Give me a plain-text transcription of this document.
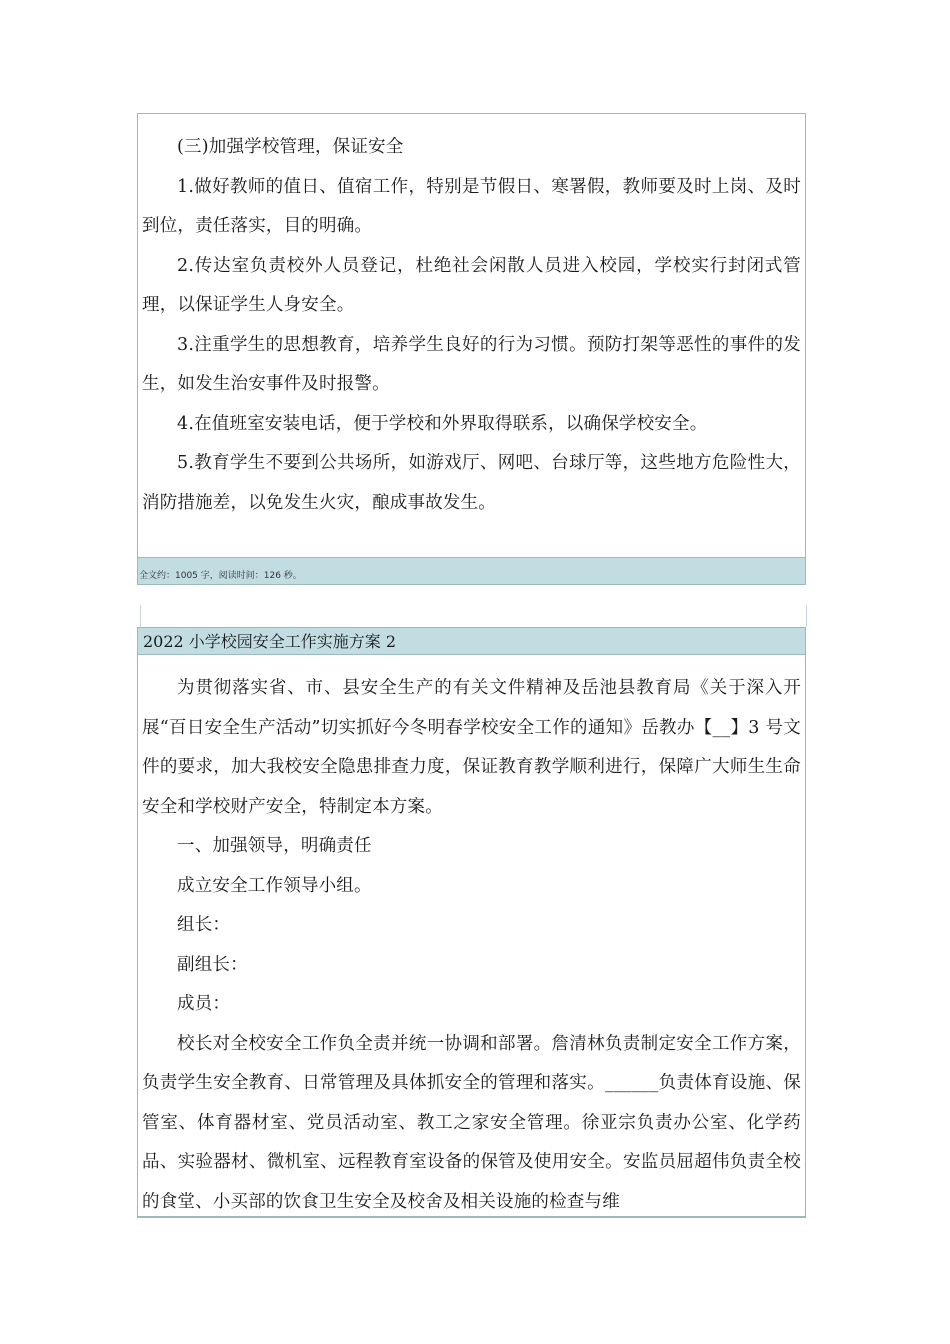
(三)加强学校管理，保证安全

1.做好教师的值日、值宿工作，特别是节假日、寒署假，教师要及时上岗、及时到位，责任落实，目的明确。

2.传达室负责校外人员登记，杜绝社会闲散人员进入校园，学校实行封闭式管理，以保证学生人身安全。

3.注重学生的思想教育，培养学生良好的行为习惯。预防打架等恶性的事件的发生，如发生治安事件及时报警。

4.在值班室安装电话，便于学校和外界取得联系，以确保学校安全。

5.教育学生不要到公共场所，如游戏厅、网吧、台球厅等，这些地方危险性大，消防措施差，以免发生火灾，酿成事故发生。

全文约：1005 字，阅读时间：126 秒。
2022 小学校园安全工作实施方案 2

为贯彻落实省、市、县安全生产的有关文件精神及岳池县教育局《关于深入开展“百日安全生产活动”切实抓好今冬明春学校安全工作的通知》岳教办【__】3 号文件的要求，加大我校安全隐患排查力度，保证教育教学顺利进行，保障广大师生生命安全和学校财产安全，特制定本方案。

一、加强领导，明确责任

成立安全工作领导小组。

组长：

副组长：

成员：

校长对全校安全工作负全责并统一协调和部署。詹清林负责制定安全工作方案，负责学生安全教育、日常管理及具体抓安全的管理和落实。______负责体育设施、保管室、体育器材室、党员活动室、教工之家安全管理。徐亚宗负责办公室、化学药品、实验器材、微机室、远程教育室设备的保管及使用安全。安监员屈超伟负责全校的食堂、小买部的饮食卫生安全及校舍及相关设施的检查与维
